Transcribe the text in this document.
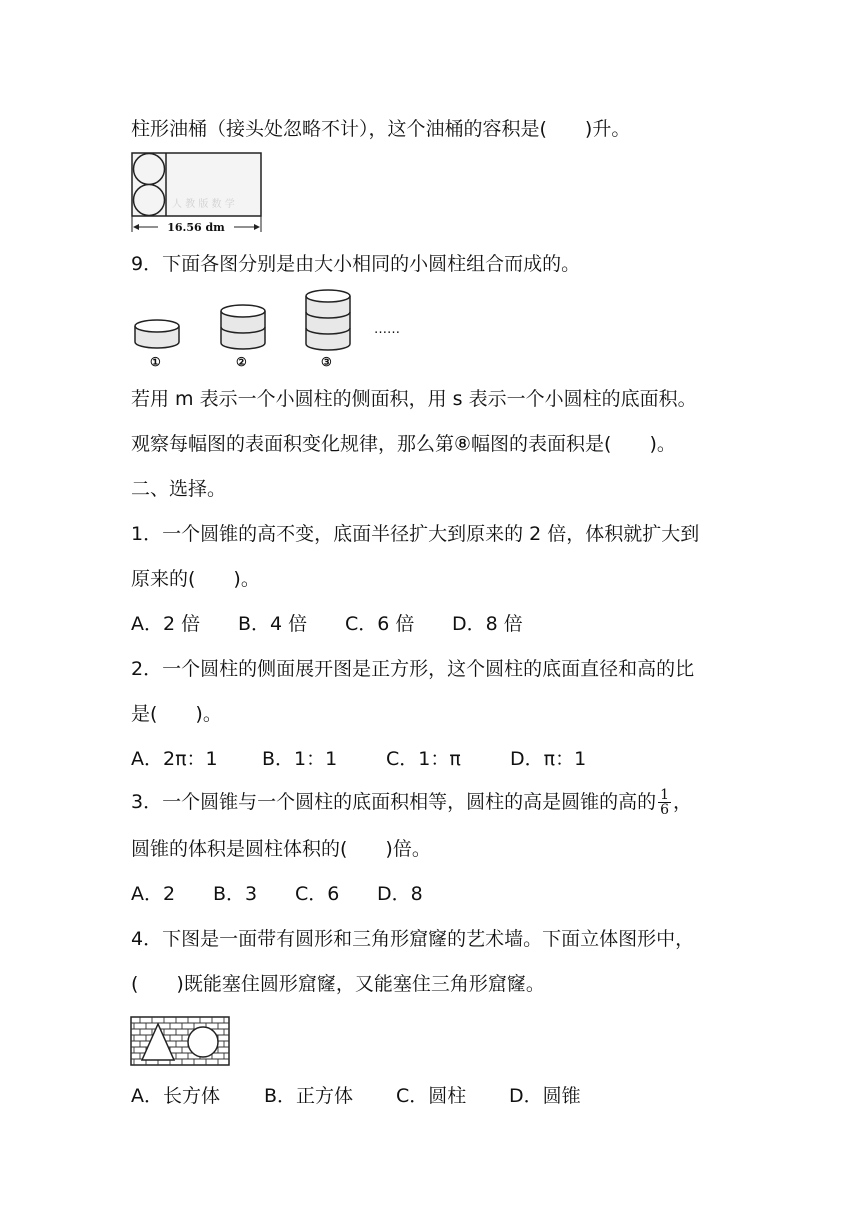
柱形油桶（接头处忽略不计），这个油桶的容积是(　　)升。
人 教 版 数 学
16.56 dm
9．下面各图分别是由大小相同的小圆柱组合而成的。
①	②	③
……
若用 m 表示一个小圆柱的侧面积，用 s 表示一个小圆柱的底面积。
观察每幅图的表面积变化规律，那么第⑧幅图的表面积是(　　)。
二、选择。
1．一个圆锥的高不变，底面半径扩大到原来的 2 倍，体积就扩大到
原来的(　　)。
A．2 倍 B．4 倍 C．6 倍 D．8 倍
2．一个圆柱的侧面展开图是正方形，这个圆柱的底面直径和高的比
是(　　)。
A．2π：1 B．1：1	C．1：π	D．π：1
3．一个圆锥与一个圆柱的底面积相等，圆柱的高是圆锥的高的 $\frac{1}{6}$ ，
圆锥的体积是圆柱体积的(　　)倍。
A．2 B．3 C．6 D．8
4．下图是一面带有圆形和三角形窟窿的艺术墙。下面立体图形中，
(　　)既能塞住圆形窟窿，又能塞住三角形窟窿。
A．长方体 B．正方体 C．圆柱 D．圆锥
